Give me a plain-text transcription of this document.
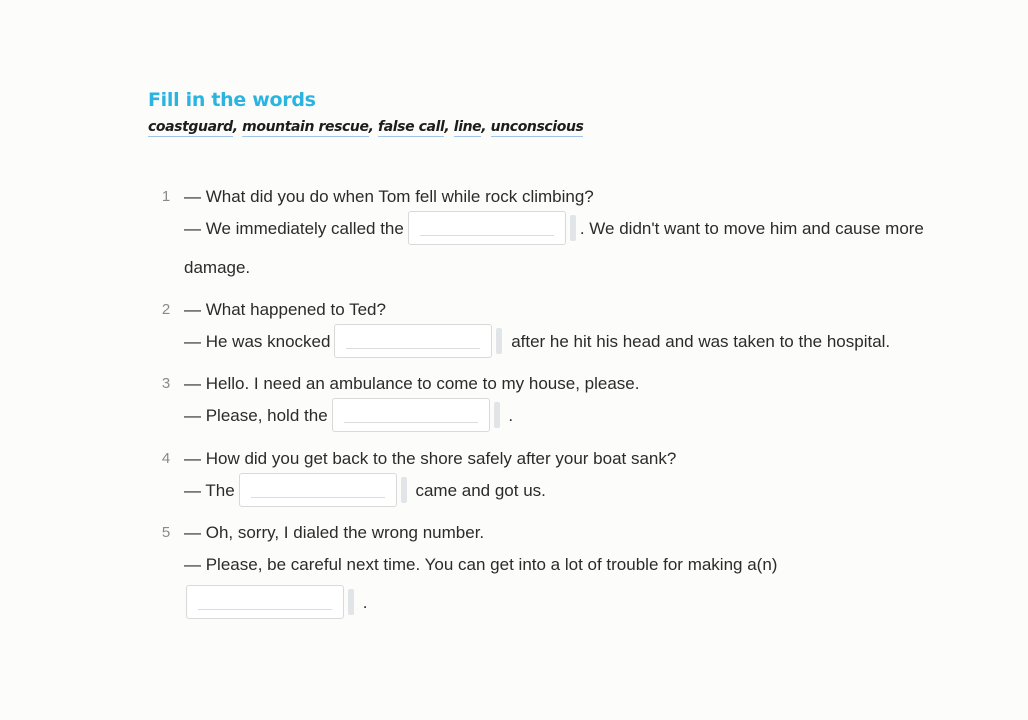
Fill in the words
coastguard, mountain rescue, false call, line, unconscious
1 — What did you do when Tom fell while rock climbing?
— We immediately called the	. We didn't want to move him and cause more damage.
2 — What happened to Ted?
— He was knocked	after he hit his head and was taken to the hospital.
3 — Hello. I need an ambulance to come to my house, please.
— Please, hold the	.
4 — How did you get back to the shore safely after your boat sank?
— The	came and got us.
5 — Oh, sorry, I dialed the wrong number.
— Please, be careful next time. You can get into a lot of trouble for making a(n)
.
